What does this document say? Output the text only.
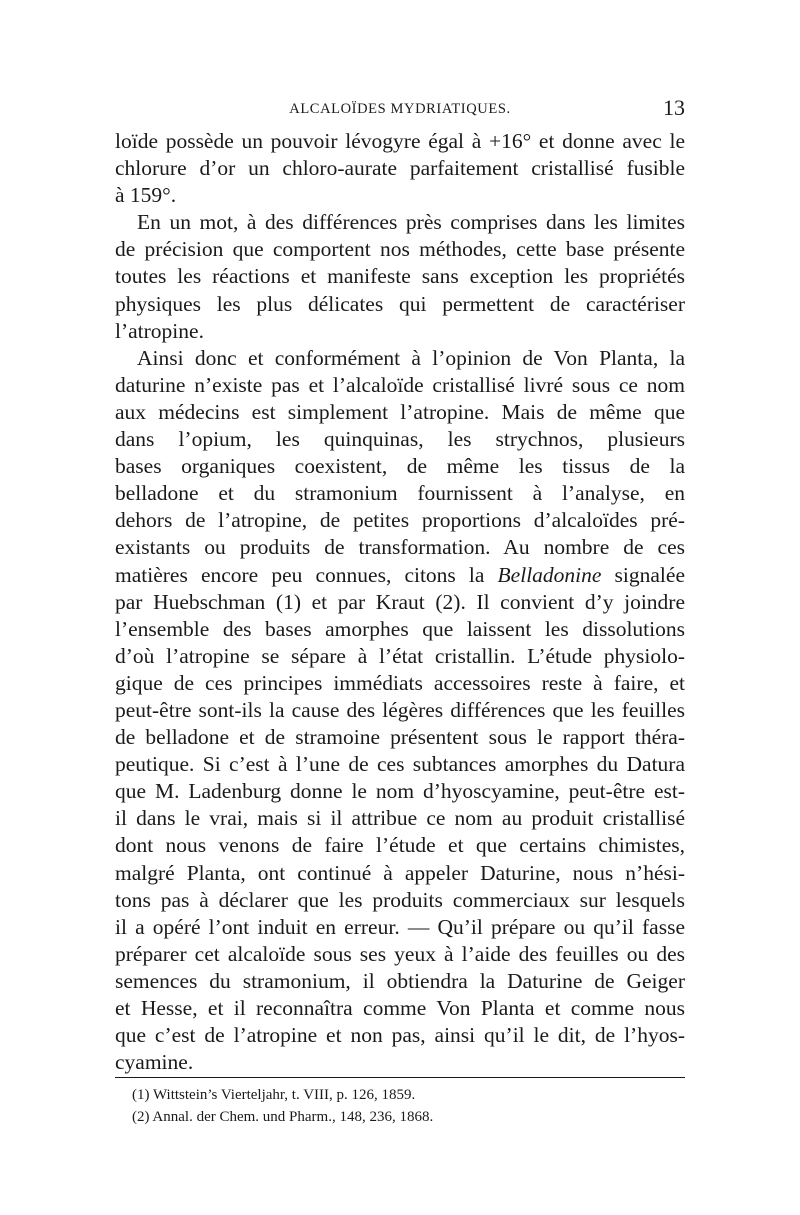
ALCALOÏDES MYDRIATIQUES.	13
loïde possède un pouvoir lévogyre égal à +16° et donne avec le
chlorure d’or un chloro-aurate parfaitement cristallisé fusible
à 159°.
En un mot, à des différences près comprises dans les limites
de précision que comportent nos méthodes, cette base présente
toutes les réactions et manifeste sans exception les propriétés
physiques les plus délicates qui permettent de caractériser
l’atropine.
Ainsi donc et conformément à l’opinion de Von Planta, la
daturine n’existe pas et l’alcaloïde cristallisé livré sous ce nom
aux médecins est simplement l’atropine. Mais de même que
dans l’opium, les quinquinas, les strychnos, plusieurs
bases organiques coexistent, de même les tissus de la
belladone et du stramonium fournissent à l’analyse, en
dehors de l’atropine, de petites proportions d’alcaloïdes pré-
existants ou produits de transformation. Au nombre de ces
matières encore peu connues, citons la Belladonine signalée
par Huebschman (1) et par Kraut (2). Il convient d’y joindre
l’ensemble des bases amorphes que laissent les dissolutions
d’où l’atropine se sépare à l’état cristallin. L’étude physiolo-
gique de ces principes immédiats accessoires reste à faire, et
peut-être sont-ils la cause des légères différences que les feuilles
de belladone et de stramoine présentent sous le rapport théra-
peutique. Si c’est à l’une de ces subtances amorphes du Datura
que M. Ladenburg donne le nom d’hyoscyamine, peut-être est-
il dans le vrai, mais si il attribue ce nom au produit cristallisé
dont nous venons de faire l’étude et que certains chimistes,
malgré Planta, ont continué à appeler Daturine, nous n’hési-
tons pas à déclarer que les produits commerciaux sur lesquels
il a opéré l’ont induit en erreur. — Qu’il prépare ou qu’il fasse
préparer cet alcaloïde sous ses yeux à l’aide des feuilles ou des
semences du stramonium, il obtiendra la Daturine de Geiger
et Hesse, et il reconnaîtra comme Von Planta et comme nous
que c’est de l’atropine et non pas, ainsi qu’il le dit, de l’hyos-
cyamine.
(1) Wittstein’s Vierteljahr, t. VIII, p. 126, 1859.
(2) Annal. der Chem. und Pharm., 148, 236, 1868.
